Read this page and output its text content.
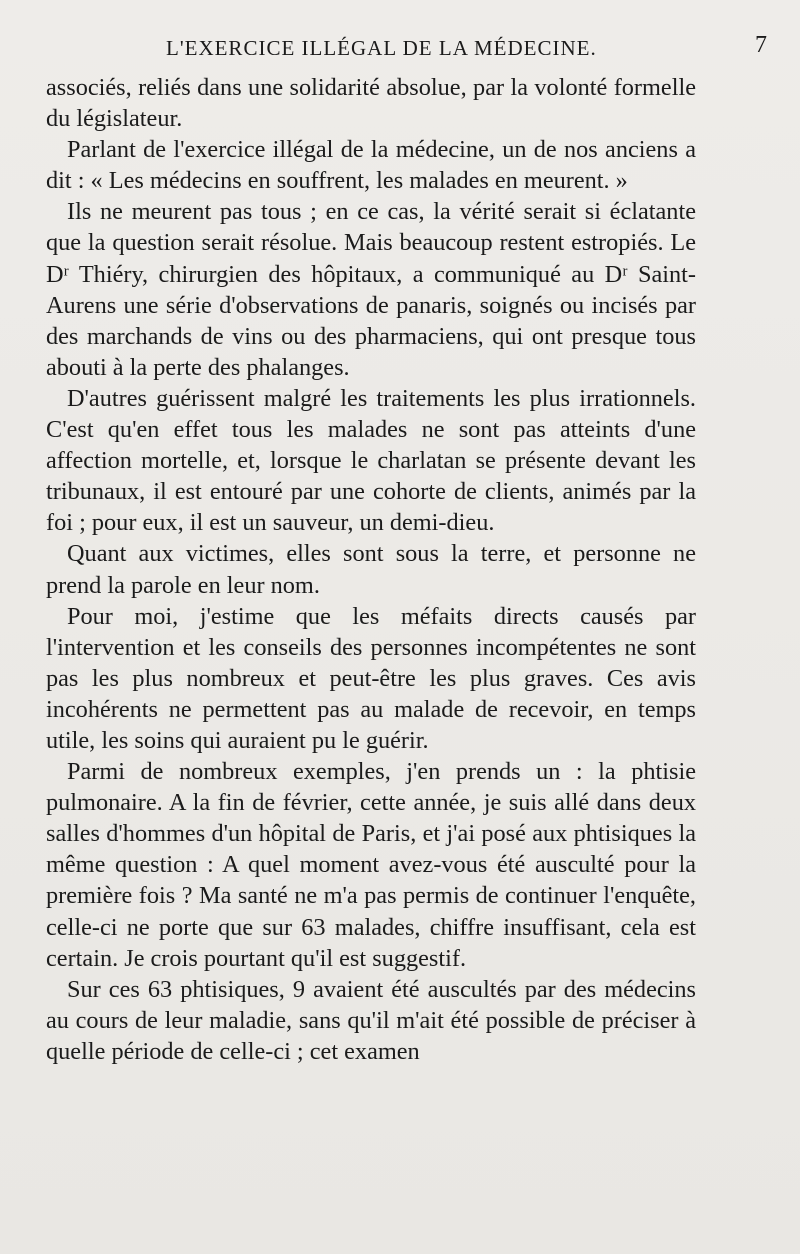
L'EXERCICE ILLÉGAL DE LA MÉDECINE.	7

associés, reliés dans une solidarité absolue, par la volonté formelle du législateur.

Parlant de l'exercice illégal de la médecine, un de nos anciens a dit : « Les médecins en souffrent, les malades en meurent. »

Ils ne meurent pas tous ; en ce cas, la vérité serait si éclatante que la question serait résolue. Mais beaucoup restent estropiés. Le Dʳ Thiéry, chirurgien des hôpitaux, a communiqué au Dʳ Saint-Aurens une série d'observations de panaris, soignés ou incisés par des marchands de vins ou des pharmaciens, qui ont presque tous abouti à la perte des phalanges.

D'autres guérissent malgré les traitements les plus irrationnels. C'est qu'en effet tous les malades ne sont pas atteints d'une affection mortelle, et, lorsque le charlatan se présente devant les tribunaux, il est entouré par une cohorte de clients, animés par la foi ; pour eux, il est un sauveur, un demi-dieu.

Quant aux victimes, elles sont sous la terre, et personne ne prend la parole en leur nom.

Pour moi, j'estime que les méfaits directs causés par l'intervention et les conseils des personnes incompétentes ne sont pas les plus nombreux et peut-être les plus graves. Ces avis incohérents ne permettent pas au malade de recevoir, en temps utile, les soins qui auraient pu le guérir.

Parmi de nombreux exemples, j'en prends un : la phtisie pulmonaire. A la fin de février, cette année, je suis allé dans deux salles d'hommes d'un hôpital de Paris, et j'ai posé aux phtisiques la même question : A quel moment avez-vous été ausculté pour la première fois ? Ma santé ne m'a pas permis de continuer l'enquête, celle-ci ne porte que sur 63 malades, chiffre insuffisant, cela est certain. Je crois pourtant qu'il est suggestif.

Sur ces 63 phtisiques, 9 avaient été auscultés par des médecins au cours de leur maladie, sans qu'il m'ait été possible de préciser à quelle période de celle-ci ; cet examen
